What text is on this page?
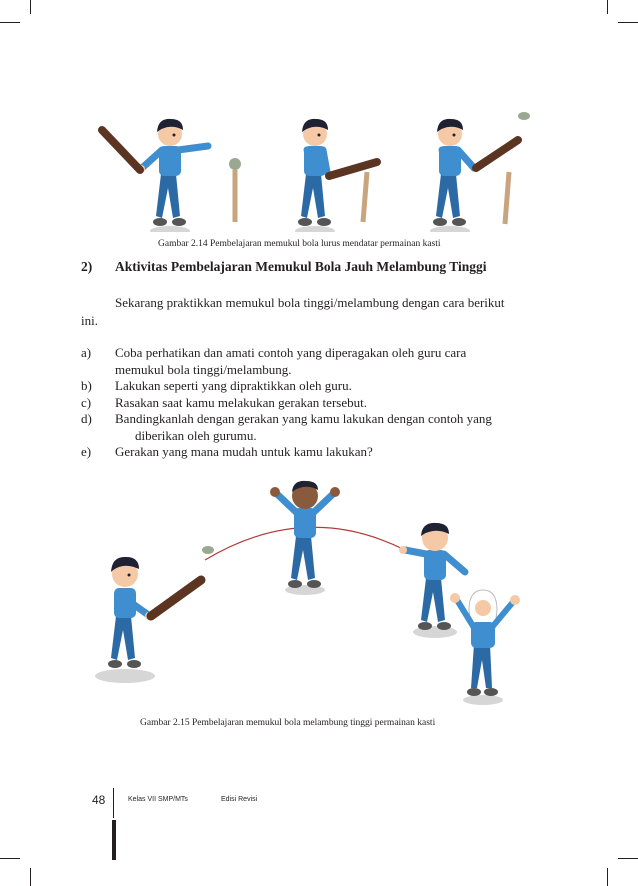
Gambar 2.14 Pembelajaran memukul bola lurus mendatar permainan kasti
2) Aktivitas Pembelajaran Memukul Bola Jauh Melambung Tinggi
Sekarang praktikkan memukul bola tinggi/melambung dengan cara berikut
ini.
a) Coba perhatikan dan amati contoh yang diperagakan oleh guru cara
memukul bola tinggi/melambung.
b) Lakukan seperti yang dipraktikkan oleh guru.
c) Rasakan saat kamu melakukan gerakan tersebut.
d) Bandingkanlah dengan gerakan yang kamu lakukan dengan contoh yang
diberikan oleh gurumu.
e) Gerakan yang mana mudah untuk kamu lakukan?
Gambar 2.15 Pembelajaran memukul bola melambung tinggi permainan kasti
48	Kelas VII SMP/MTs	Edisi Revisi
